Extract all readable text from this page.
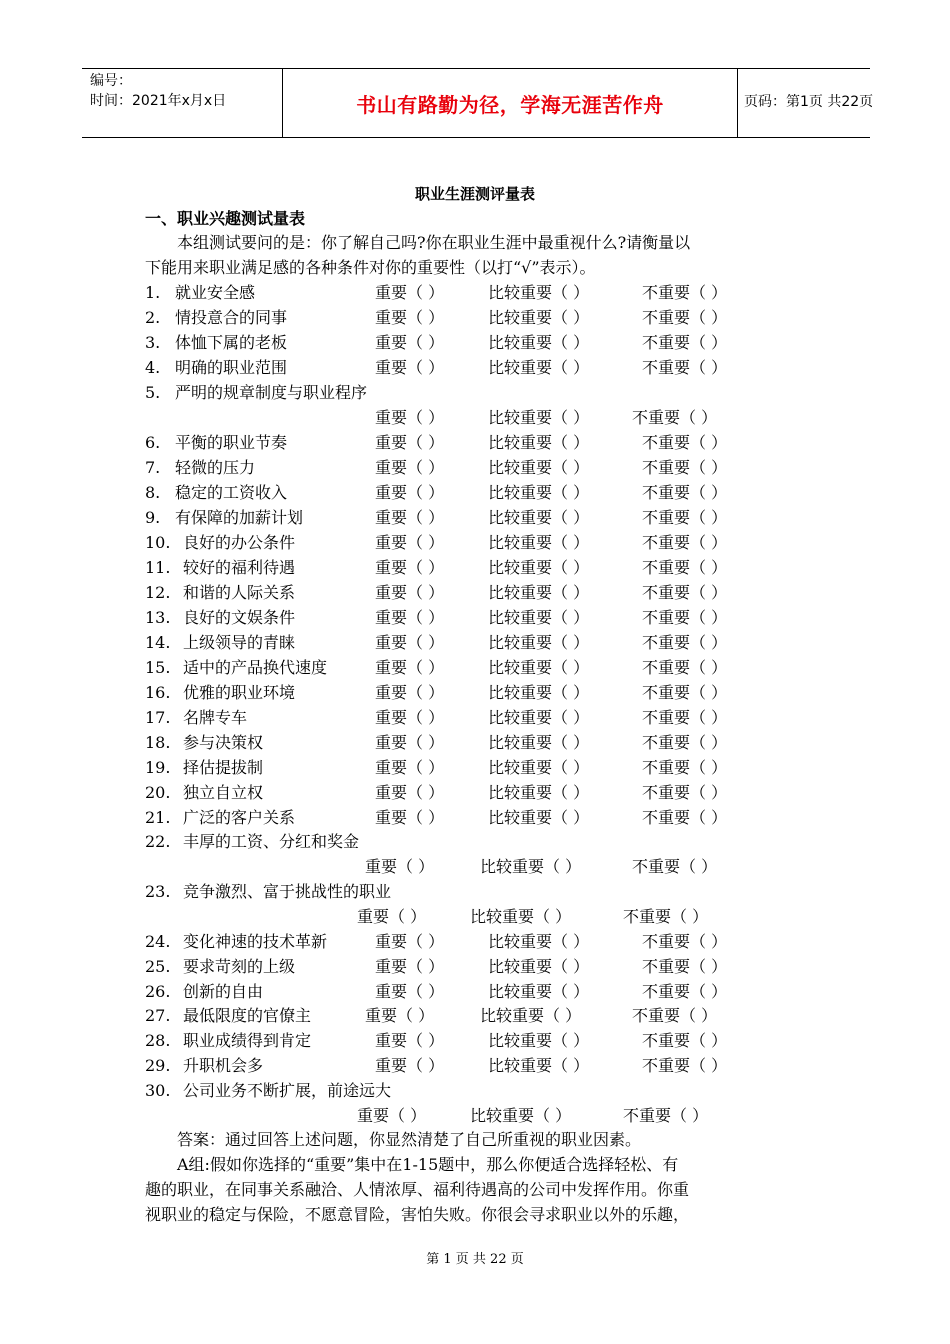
编号：
时间：2021年x月x日	书山有路勤为径，学海无涯苦作舟	页码：第1页 共22页
职业生涯测评量表
一、职业兴趣测试量表
本组测试要问的是：你了解自己吗?你在职业生涯中最重视什么?请衡量以
下能用来职业满足感的各种条件对你的重要性（以打“√”表示）。
1. 就业安全感	重要（ ）	比较重要（ ）	不重要（ ）
2. 情投意合的同事	重要（ ）	比较重要（ ）	不重要（ ）
3. 体恤下属的老板	重要（ ）	比较重要（ ）	不重要（ ）
4. 明确的职业范围	重要（ ）	比较重要（ ）	不重要（ ）
5. 严明的规章制度与职业程序
重要（ ）	比较重要（ ）	不重要（ ）
6. 平衡的职业节奏	重要（ ）	比较重要（ ）	不重要（ ）
7. 轻微的压力	重要（ ）	比较重要（ ）	不重要（ ）
8. 稳定的工资收入	重要（ ）	比较重要（ ）	不重要（ ）
9. 有保障的加薪计划	重要（ ）	比较重要（ ）	不重要（ ）
10. 良好的办公条件	重要（ ）	比较重要（ ）	不重要（ ）
11. 较好的福利待遇	重要（ ）	比较重要（ ）	不重要（ ）
12. 和谐的人际关系	重要（ ）	比较重要（ ）	不重要（ ）
13. 良好的文娱条件	重要（ ）	比较重要（ ）	不重要（ ）
14. 上级领导的青睐	重要（ ）	比较重要（ ）	不重要（ ）
15. 适中的产品换代速度	重要（ ）	比较重要（ ）	不重要（ ）
16. 优雅的职业环境	重要（ ）	比较重要（ ）	不重要（ ）
17. 名牌专车	重要（ ）	比较重要（ ）	不重要（ ）
18. 参与决策权	重要（ ）	比较重要（ ）	不重要（ ）
19. 择估提拔制	重要（ ）	比较重要（ ）	不重要（ ）
20. 独立自立权	重要（ ）	比较重要（ ）	不重要（ ）
21. 广泛的客户关系	重要（ ）	比较重要（ ）	不重要（ ）
22. 丰厚的工资、分红和奖金
重要（ ）	比较重要（ ）	不重要（ ）
23. 竞争激烈、富于挑战性的职业
重要（ ）	比较重要（ ）	不重要（ ）
24. 变化神速的技术革新	重要（ ）	比较重要（ ）	不重要（ ）
25. 要求苛刻的上级	重要（ ）	比较重要（ ）	不重要（ ）
26. 创新的自由	重要（ ）	比较重要（ ）	不重要（ ）
27. 最低限度的官僚主	重要（ ）	比较重要（ ）	不重要（ ）
28. 职业成绩得到肯定	重要（ ）	比较重要（ ）	不重要（ ）
29. 升职机会多	重要（ ）	比较重要（ ）	不重要（ ）
30. 公司业务不断扩展，前途远大
重要（ ）	比较重要（ ）	不重要（ ）
答案：通过回答上述问题，你显然清楚了自己所重视的职业因素。
A组:假如你选择的“重要”集中在1-15题中，那么你便适合选择轻松、有
趣的职业，在同事关系融洽、人情浓厚、福利待遇高的公司中发挥作用。你重
视职业的稳定与保险，不愿意冒险，害怕失败。你很会寻求职业以外的乐趣，
第 1 页 共 22 页
